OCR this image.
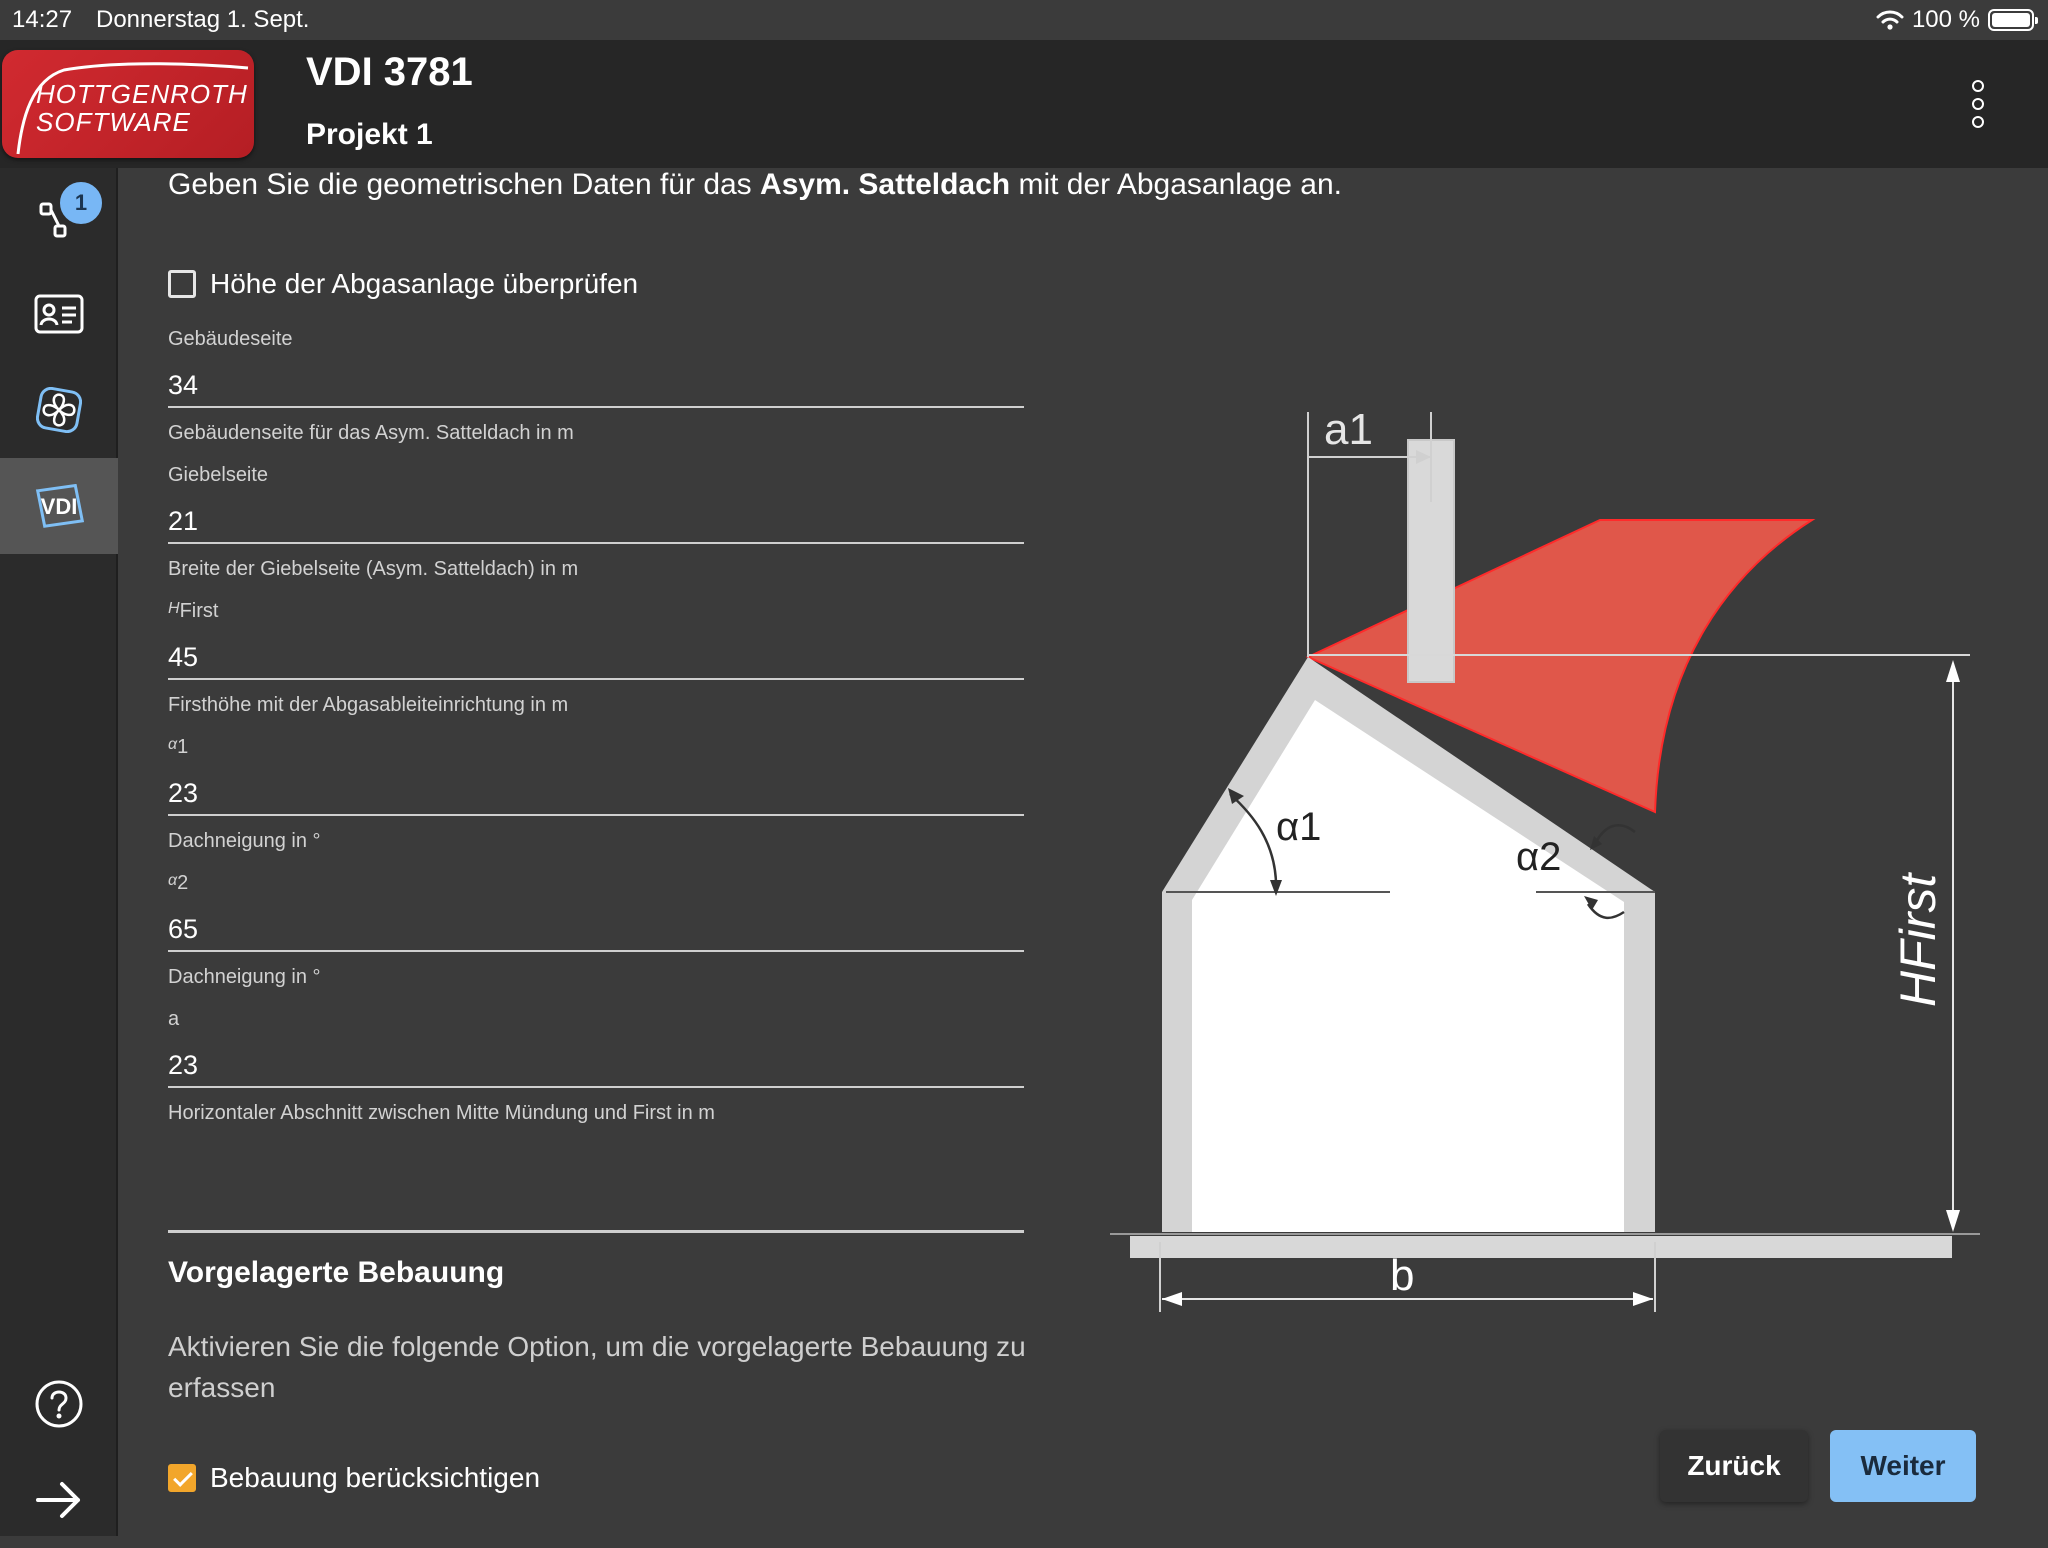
14:27 Donnerstag 1. Sept.	100 %
HOTTGENROTH
SOFTWARE
VDI 3781
Projekt 1
1
VDI
Geben Sie die geometrischen Daten für das Asym. Satteldach mit der Abgasanlage an.
Höhe der Abgasanlage überprüfen
Gebäudeseite
34
Gebäudenseite für das Asym. Satteldach in m
Giebelseite
21
Breite der Giebelseite (Asym. Satteldach) in m
$^H$First
45
Firsthöhe mit der Abgasableiteinrichtung in m
$^\alpha$1
23
Dachneigung in °
$^\alpha$2
65
Dachneigung in °
a
23
Horizontaler Abschnitt zwischen Mitte Mündung und First in m
Vorgelagerte Bebauung
Aktivieren Sie die folgende Option, um die vorgelagerte Bebauung zu erfassen
Bebauung berücksichtigen
a1
HFirst
α1
α2
b
Zurück	Weiter
